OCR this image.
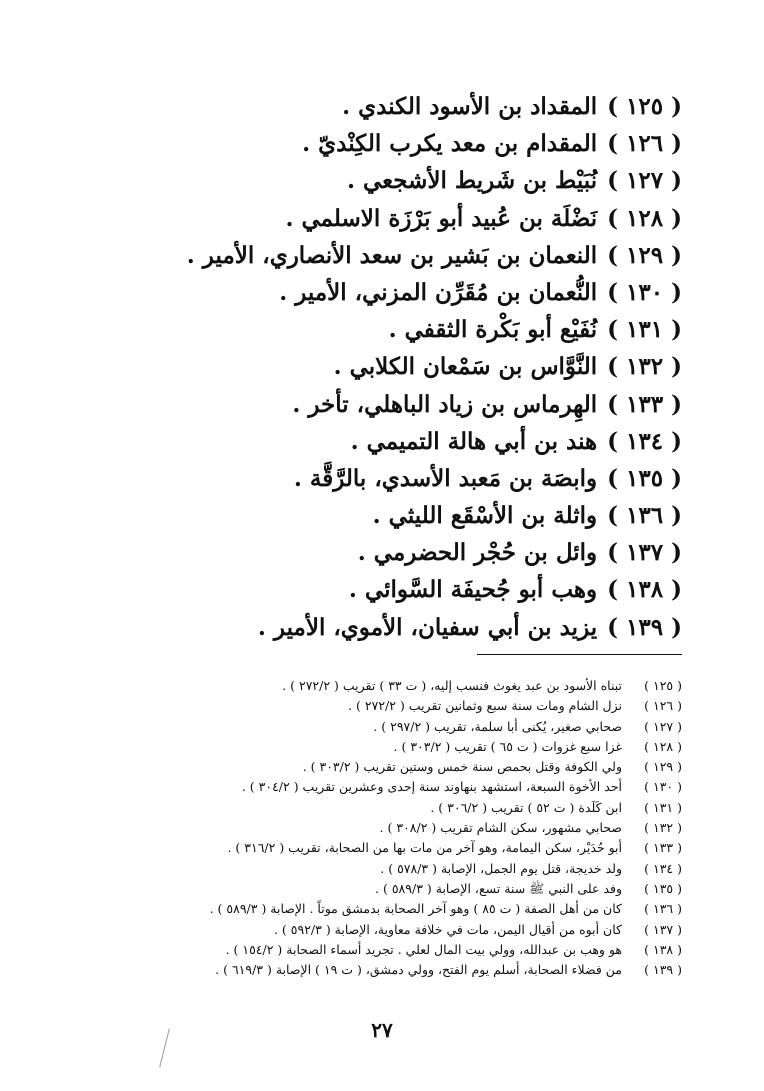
( ١٢٥ )المقداد بن الأسود الكندي .
( ١٢٦ )المقدام بن معد يكرب الكِنْديّ .
( ١٢٧ )نُبَيْط بن شَريط الأشجعي .
( ١٢٨ )نَضْلَة بن عُبيد أبو بَرْزَة الاسلمي .
( ١٢٩ )النعمان بن بَشير بن سعد الأنصاري، الأمير .
( ١٣٠ )النُّعمان بن مُقَرِّن المزني، الأمير .
( ١٣١ )نُفَيْع أبو بَكْرة الثقفي .
( ١٣٢ )النَّوَّاس بن سَمْعان الكلابي .
( ١٣٣ )الهِرماس بن زياد الباهلي، تأخر .
( ١٣٤ )هند بن أبي هالة التميمي .
( ١٣٥ )وابصَة بن مَعبد الأسدي، بالرَّقَّة .
( ١٣٦ )واثلة بن الأسْقَع الليثي .
( ١٣٧ )وائل بن حُجْر الحضرمي .
( ١٣٨ )وهب أبو جُحيفَة السَّوائي .
( ١٣٩ )يزيد بن أبي سفيان، الأموي، الأمير .
( ١٢٥ )تبناه الأسود بن عبد يغوث فنسب إليه، ( ت ٣٣ ) تقريب ( ٢٧٢/٢ ) .
( ١٢٦ )نزل الشام ومات سنة سبع وثمانين تقريب ( ٢٧٢/٢ ) .
( ١٢٧ )صحابي صغير، يُكنى أبا سلمة، تقريب ( ٢٩٧/٢ ) .
( ١٢٨ )غزا سبع غزوات ( ت ٦٥ ) تقريب ( ٣٠٣/٢ ) .
( ١٢٩ )ولي الكوفة وقتل بحمص سنة خمس وستين تقريب ( ٣٠٣/٢ ) .
( ١٣٠ )أحد الأخوة السبعة، استشهد بنهاوند سنة إحدى وعشرين تقريب ( ٣٠٤/٢ ) .
( ١٣١ )ابن كَلَدة ( ت ٥٢ ) تقريب ( ٣٠٦/٢ ) .
( ١٣٢ )صحابي مشهور، سكن الشام تقريب ( ٣٠٨/٢ ) .
( ١٣٣ )أبو حُدَيْر، سكن اليمامة، وهو آخر من مات بها من الصحابة، تقريب ( ٣١٦/٢ ) .
( ١٣٤ )ولد خديجة، قتل يوم الجمل، الإصابة ( ٥٧٨/٣ ) .
( ١٣٥ )وفد على النبي ﷺ سنة تسع، الإصابة ( ٥٨٩/٣ ) .
( ١٣٦ )كان من أهل الصفة ( ت ٨٥ ) وهو آخر الصحابة بدمشق موتاً . الإصابة ( ٥٨٩/٣ ) .
( ١٣٧ )كان أبوه من أقيال اليمن، مات في خلافة معاوية، الإصابة ( ٥٩٢/٣ ) .
( ١٣٨ )هو وهب بن عبدالله، وولي بيت المال لعلي . تجريد أسماء الصحابة ( ١٥٤/٢ ) .
( ١٣٩ )من فضلاء الصحابة، أسلم يوم الفتح، وولي دمشق، ( ت ١٩ ) الإصابة ( ٦١٩/٣ ) .
٢٧
